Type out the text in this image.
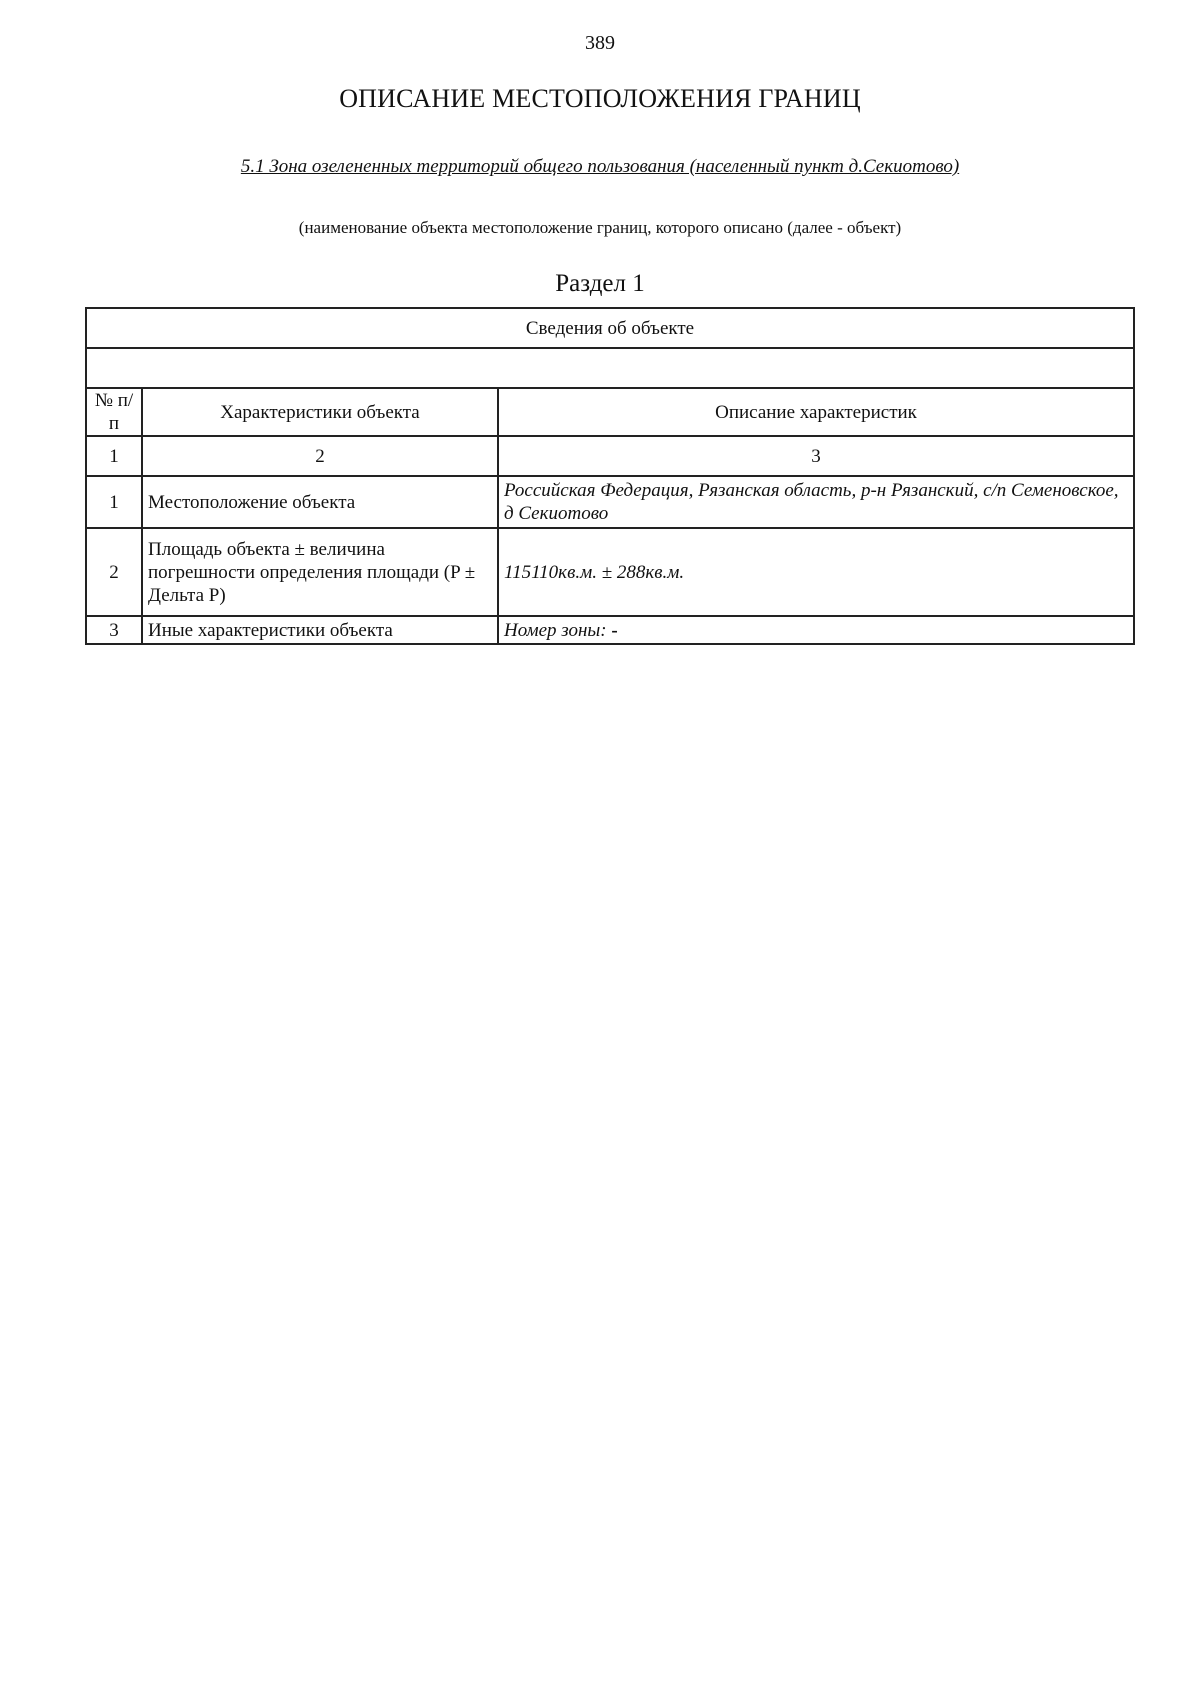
389
ОПИСАНИЕ МЕСТОПОЛОЖЕНИЯ ГРАНИЦ
5.1 Зона озелененных территорий общего пользования (населенный пункт д.Секиотово)
(наименование объекта местоположение границ, которого описано (далее - объект)
Раздел 1
Сведения об объекте		

№ п/п	Характеристики объекта	Описание характеристик
1	2	3
1	Местоположение объекта	Российская Федерация, Рязанская область, р-н Рязанский, с/п Семеновское, д Секиотово
2	Площадь объекта ± величина погрешности определения площади (P ± Дельта P)	115110кв.м. ± 288кв.м.
3	Иные характеристики объекта	Номер зоны: -
